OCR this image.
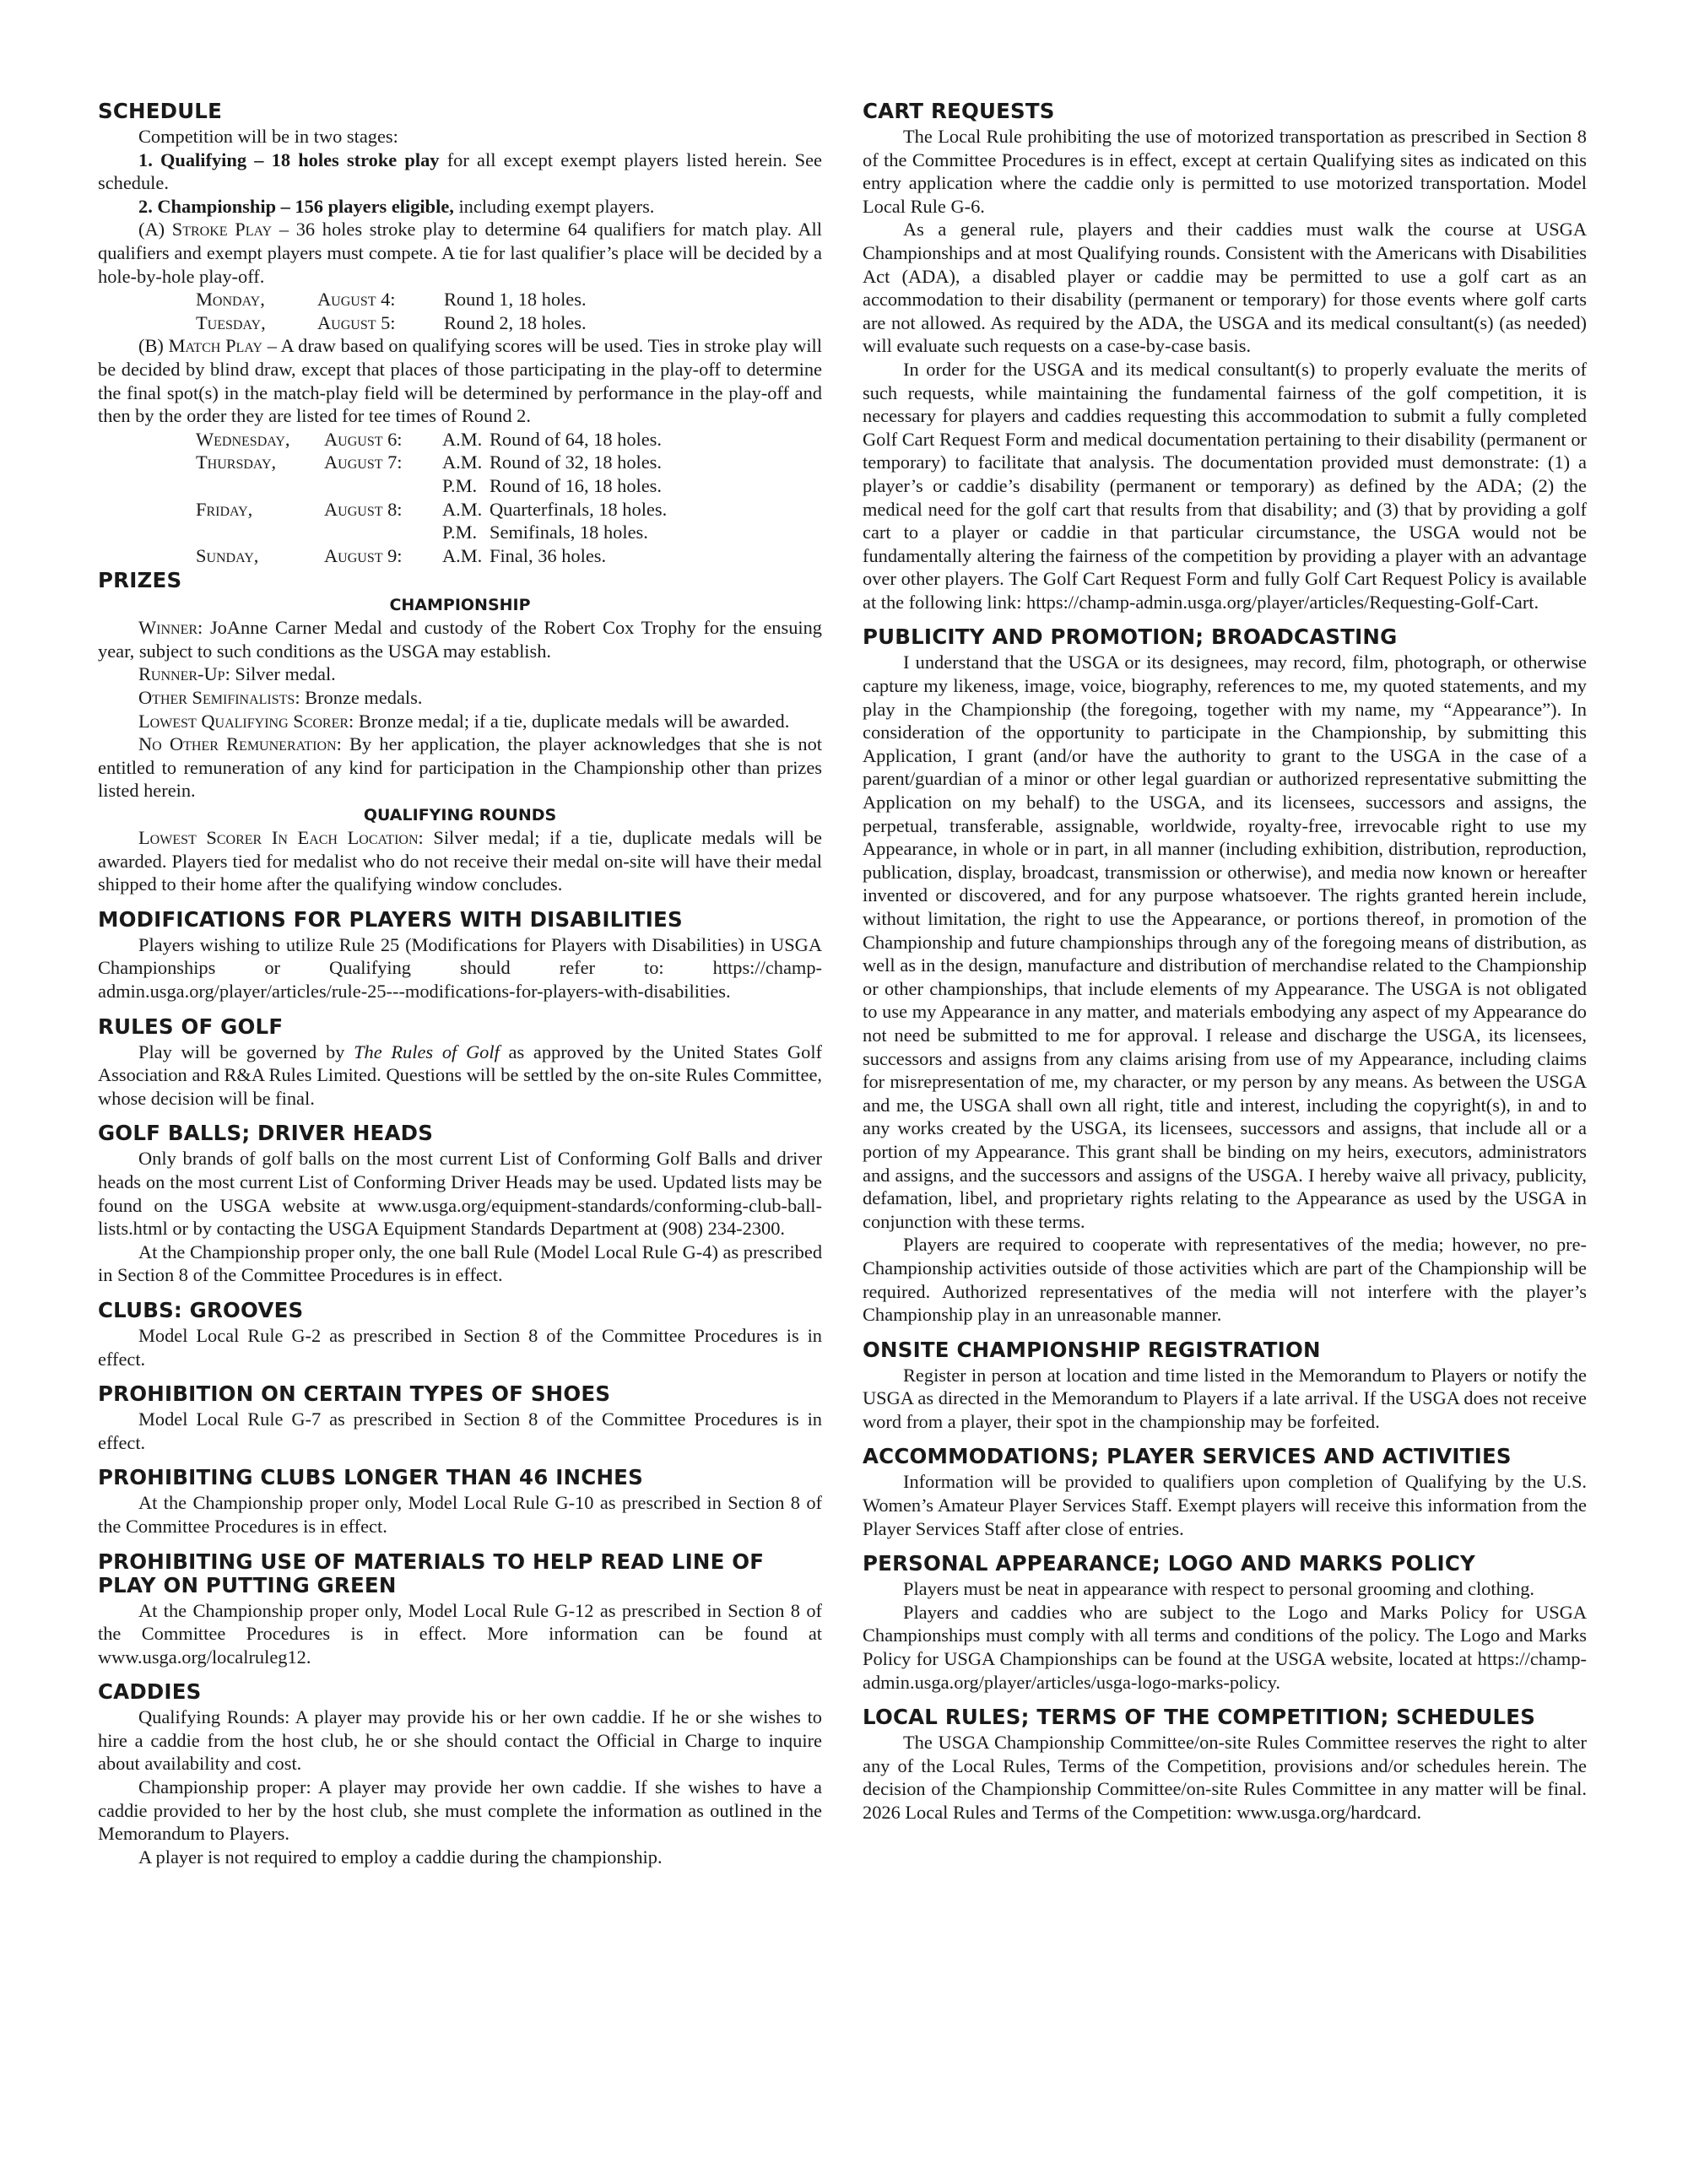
SCHEDULE

Competition will be in two stages:

1. Qualifying – 18 holes stroke play for all except exempt players listed herein. See schedule.

2. Championship – 156 players eligible, including exempt players.

(A) Stroke Play – 36 holes stroke play to determine 64 qualifiers for match play. All qualifiers and exempt players must compete. A tie for last qualifier’s place will be decided by a hole-by-hole play-off.

Monday,	August 4:	Round 1, 18 holes.
Tuesday,	August 5:	Round 2, 18 holes.

(B) Match Play – A draw based on qualifying scores will be used. Ties in stroke play will be decided by blind draw, except that places of those participating in the play-off to determine the final spot(s) in the match-play field will be determined by performance in the play-off and then by the order they are listed for tee times of Round 2.

Wednesday,	August 6:	A.M. Round of 64, 18 holes.
Thursday,	August 7:	A.M. Round of 32, 18 holes.
P.M. Round of 16, 18 holes.
Friday,	August 8:	A.M. Quarterfinals, 18 holes.
P.M. Semifinals, 18 holes.
Sunday,	August 9:	A.M. Final, 36 holes.
PRIZES
CHAMPIONSHIP

Winner: JoAnne Carner Medal and custody of the Robert Cox Trophy for the ensuing year, subject to such conditions as the USGA may establish.

Runner-Up: Silver medal.

Other Semifinalists: Bronze medals.

Lowest Qualifying Scorer: Bronze medal; if a tie, duplicate medals will be awarded.

No Other Remuneration: By her application, the player acknowledges that she is not entitled to remuneration of any kind for participation in the Championship other than prizes listed herein.

QUALIFYING ROUNDS

Lowest Scorer In Each Location: Silver medal; if a tie, duplicate medals will be awarded. Players tied for medalist who do not receive their medal on-site will have their medal shipped to their home after the qualifying window concludes.

MODIFICATIONS FOR PLAYERS WITH DISABILITIES

Players wishing to utilize Rule 25 (Modifications for Players with Disabilities) in USGA Championships or Qualifying should refer to: https://champ-admin.usga.org/player/articles/rule-25---modifications-for-players-with-disabilities.

RULES OF GOLF

Play will be governed by The Rules of Golf as approved by the United States Golf Association and R&A Rules Limited. Questions will be settled by the on-site Rules Committee, whose decision will be final.

GOLF BALLS; DRIVER HEADS

Only brands of golf balls on the most current List of Conforming Golf Balls and driver heads on the most current List of Conforming Driver Heads may be used. Updated lists may be found on the USGA website at www.usga.org/equipment-standards/conforming-club-ball-lists.html or by contacting the USGA Equipment Standards Department at (908) 234-2300.

At the Championship proper only, the one ball Rule (Model Local Rule G-4) as prescribed in Section 8 of the Committee Procedures is in effect.

CLUBS: GROOVES

Model Local Rule G-2 as prescribed in Section 8 of the Committee Procedures is in effect.

PROHIBITION ON CERTAIN TYPES OF SHOES

Model Local Rule G-7 as prescribed in Section 8 of the Committee Procedures is in effect.

PROHIBITING CLUBS LONGER THAN 46 INCHES

At the Championship proper only, Model Local Rule G-10 as prescribed in Section 8 of the Committee Procedures is in effect.

PROHIBITING USE OF MATERIALS TO HELP READ LINE OF PLAY ON PUTTING GREEN

At the Championship proper only, Model Local Rule G-12 as prescribed in Section 8 of the Committee Procedures is in effect. More information can be found at www.usga.org/localruleg12.

CADDIES

Qualifying Rounds: A player may provide his or her own caddie. If he or she wishes to hire a caddie from the host club, he or she should contact the Official in Charge to inquire about availability and cost.

Championship proper: A player may provide her own caddie. If she wishes to have a caddie provided to her by the host club, she must complete the information as outlined in the Memorandum to Players.

A player is not required to employ a caddie during the championship.

CART REQUESTS

The Local Rule prohibiting the use of motorized transportation as prescribed in Section 8 of the Committee Procedures is in effect, except at certain Qualifying sites as indicated on this entry application where the caddie only is permitted to use motorized transportation. Model Local Rule G-6.

As a general rule, players and their caddies must walk the course at USGA Championships and at most Qualifying rounds. Consistent with the Americans with Disabilities Act (ADA), a disabled player or caddie may be permitted to use a golf cart as an accommodation to their disability (permanent or temporary) for those events where golf carts are not allowed. As required by the ADA, the USGA and its medical consultant(s) (as needed) will evaluate such requests on a case-by-case basis.

In order for the USGA and its medical consultant(s) to properly evaluate the merits of such requests, while maintaining the fundamental fairness of the golf competition, it is necessary for players and caddies requesting this accommodation to submit a fully completed Golf Cart Request Form and medical documentation pertaining to their disability (permanent or temporary) to facilitate that analysis. The documentation provided must demonstrate: (1) a player’s or caddie’s disability (permanent or temporary) as defined by the ADA; (2) the medical need for the golf cart that results from that disability; and (3) that by providing a golf cart to a player or caddie in that particular circumstance, the USGA would not be fundamentally altering the fairness of the competition by providing a player with an advantage over other players. The Golf Cart Request Form and fully Golf Cart Request Policy is available at the following link: https://champ-admin.usga.org/player/articles/Requesting-Golf-Cart.

PUBLICITY AND PROMOTION; BROADCASTING

I understand that the USGA or its designees, may record, film, photograph, or otherwise capture my likeness, image, voice, biography, references to me, my quoted statements, and my play in the Championship (the foregoing, together with my name, my “Appearance”). In consideration of the opportunity to participate in the Championship, by submitting this Application, I grant (and/or have the authority to grant to the USGA in the case of a parent/guardian of a minor or other legal guardian or authorized representative submitting the Application on my behalf) to the USGA, and its licensees, successors and assigns, the perpetual, transferable, assignable, worldwide, royalty-free, irrevocable right to use my Appearance, in whole or in part, in all manner (including exhibition, distribution, reproduction, publication, display, broadcast, transmission or otherwise), and media now known or hereafter invented or discovered, and for any purpose whatsoever. The rights granted herein include, without limitation, the right to use the Appearance, or portions thereof, in promotion of the Championship and future championships through any of the foregoing means of distribution, as well as in the design, manufacture and distribution of merchandise related to the Championship or other championships, that include elements of my Appearance. The USGA is not obligated to use my Appearance in any matter, and materials embodying any aspect of my Appearance do not need be submitted to me for approval. I release and discharge the USGA, its licensees, successors and assigns from any claims arising from use of my Appearance, including claims for misrepresentation of me, my character, or my person by any means. As between the USGA and me, the USGA shall own all right, title and interest, including the copyright(s), in and to any works created by the USGA, its licensees, successors and assigns, that include all or a portion of my Appearance. This grant shall be binding on my heirs, executors, administrators and assigns, and the successors and assigns of the USGA. I hereby waive all privacy, publicity, defamation, libel, and proprietary rights relating to the Appearance as used by the USGA in conjunction with these terms.

Players are required to cooperate with representatives of the media; however, no pre-Championship activities outside of those activities which are part of the Championship will be required. Authorized representatives of the media will not interfere with the player’s Championship play in an unreasonable manner.

ONSITE CHAMPIONSHIP REGISTRATION

Register in person at location and time listed in the Memorandum to Players or notify the USGA as directed in the Memorandum to Players if a late arrival. If the USGA does not receive word from a player, their spot in the championship may be forfeited.

ACCOMMODATIONS; PLAYER SERVICES AND ACTIVITIES

Information will be provided to qualifiers upon completion of Qualifying by the U.S. Women’s Amateur Player Services Staff. Exempt players will receive this information from the Player Services Staff after close of entries.

PERSONAL APPEARANCE; LOGO AND MARKS POLICY

Players must be neat in appearance with respect to personal grooming and clothing.

Players and caddies who are subject to the Logo and Marks Policy for USGA Championships must comply with all terms and conditions of the policy. The Logo and Marks Policy for USGA Championships can be found at the USGA website, located at https://champ-admin.usga.org/player/articles/usga-logo-marks-policy.

LOCAL RULES; TERMS OF THE COMPETITION; SCHEDULES

The USGA Championship Committee/on-site Rules Committee reserves the right to alter any of the Local Rules, Terms of the Competition, provisions and/or schedules herein. The decision of the Championship Committee/on-site Rules Committee in any matter will be final. 2026 Local Rules and Terms of the Competition: www.usga.org/hardcard.
